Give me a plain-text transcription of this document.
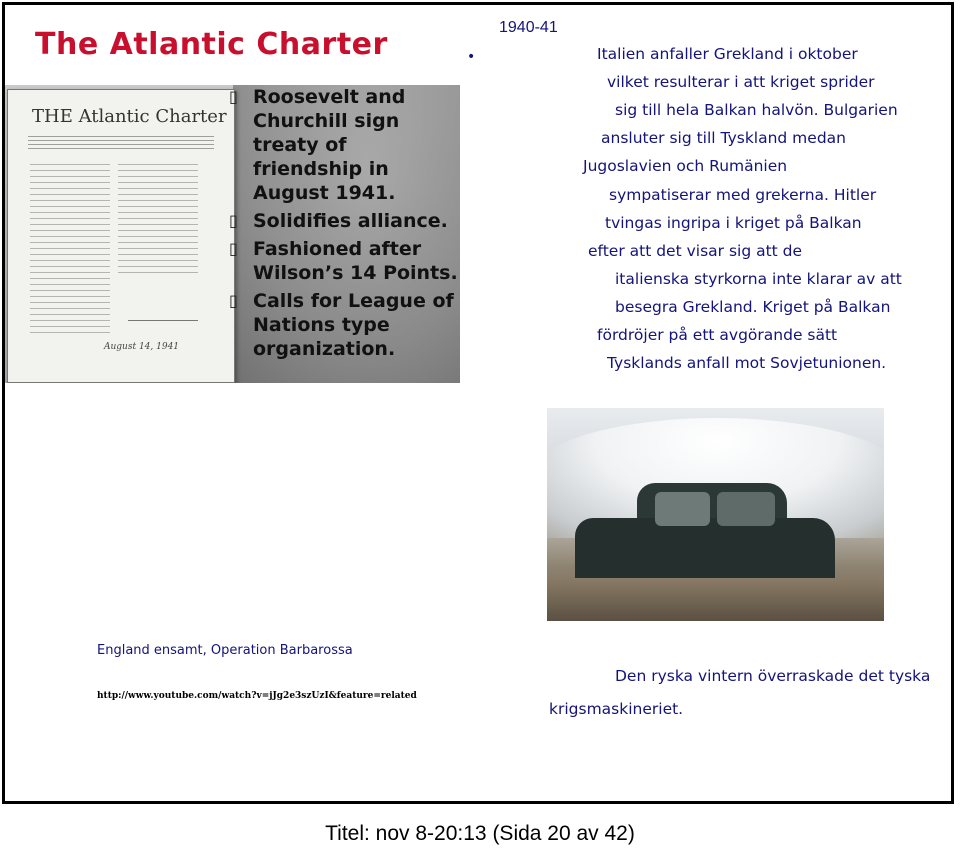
The Atlantic Charter
THE Atlantic Charter
August 14, 1941
▯ Roosevelt and Churchill sign treaty of friendship in August 1941.
▯ Solidifies alliance.
▯ Fashioned after Wilson’s 14 Points.
▯ Calls for League of Nations type organization.
1940-41
•	Italien anfaller Grekland i oktober
vilket resulterar i att kriget sprider
sig till hela Balkan halvön. Bulgarien
ansluter sig till Tyskland medan
Jugoslavien och Rumänien
sympatiserar med grekerna. Hitler
tvingas ingripa i kriget på Balkan
efter att det visar sig att de
italienska styrkorna inte klarar av att
besegra Grekland. Kriget på Balkan
fördröjer på ett avgörande sätt
Tysklands anfall mot Sovjetunionen.
England ensamt, Operation Barbarossa
http://www.youtube.com/watch?v=jJg2e3szUzI&feature=related
Den ryska vintern överraskade det tyska
krigsmaskineriet.
Titel: nov 8-20:13 (Sida 20 av 42)
